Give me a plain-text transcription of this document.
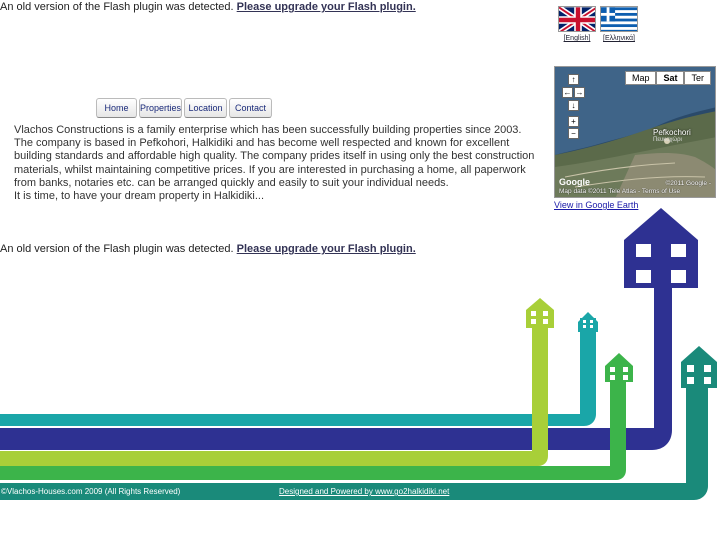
An old version of the Flash plugin was detected. Please upgrade your Flash plugin.
[English]	[Ελληνικά]
Home	Properties Location	Contact

Vlachos Constructions is a family enterprise which has been successfully building properties since 2003. The company is based in Pefkohori, Halkidiki and has become well respected and known for excellent building standards and affordable high quality. The company prides itself in using only the best construction materials, whilst maintaining competitive prices. If you are interested in purchasing a home, all paperwork from banks, notaries etc. can be arranged quickly and easily to suit your individual needs.

It is time, to have your dream property in Halkidiki...

Map	Sat	Ter
↑
← →
↓
+
−	Pefkochori
Πευκοχώρι
Google	©2011 Google -
Map data ©2011 Tele Atlas - Terms of Use
View in Google Earth
An old version of the Flash plugin was detected. Please upgrade your Flash plugin.
©Vlachos-Houses.com 2009 (All Rights Reserved)	Designed and Powered by www.go2halkidiki.net
